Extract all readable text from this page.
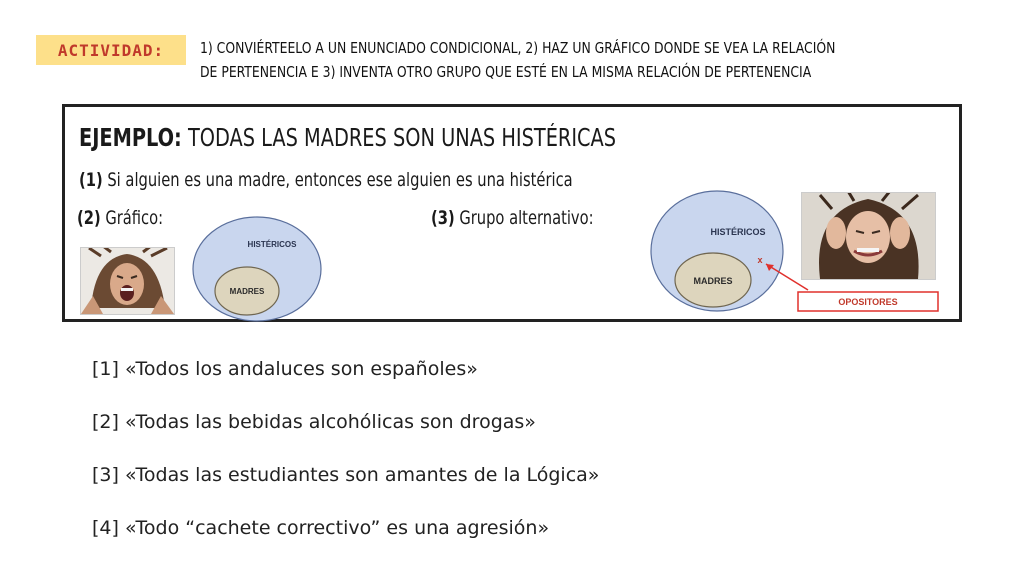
ACTIVIDAD:	1) CONVIÉRTEELO A UN ENUNCIADO CONDICIONAL, 2) HAZ UN GRÁFICO DONDE SE VEA LA RELACIÓN
DE PERTENENCIA E 3) INVENTA OTRO GRUPO QUE ESTÉ EN LA MISMA RELACIÓN DE PERTENENCIA
EJEMPLO: TODAS LAS MADRES SON UNAS HISTÉRICAS
(1) Si alguien es una madre, entonces ese alguien es una histérica
(2) Gráfico:	(3) Grupo alternativo:
HISTÉRICOS
MADRES
HISTÉRICOS
MADRES
x
OPOSITORES
[1] «Todos los andaluces son españoles»
[2] «Todas las bebidas alcohólicas son drogas»
[3] «Todas las estudiantes son amantes de la Lógica»
[4] «Todo “cachete correctivo” es una agresión»
